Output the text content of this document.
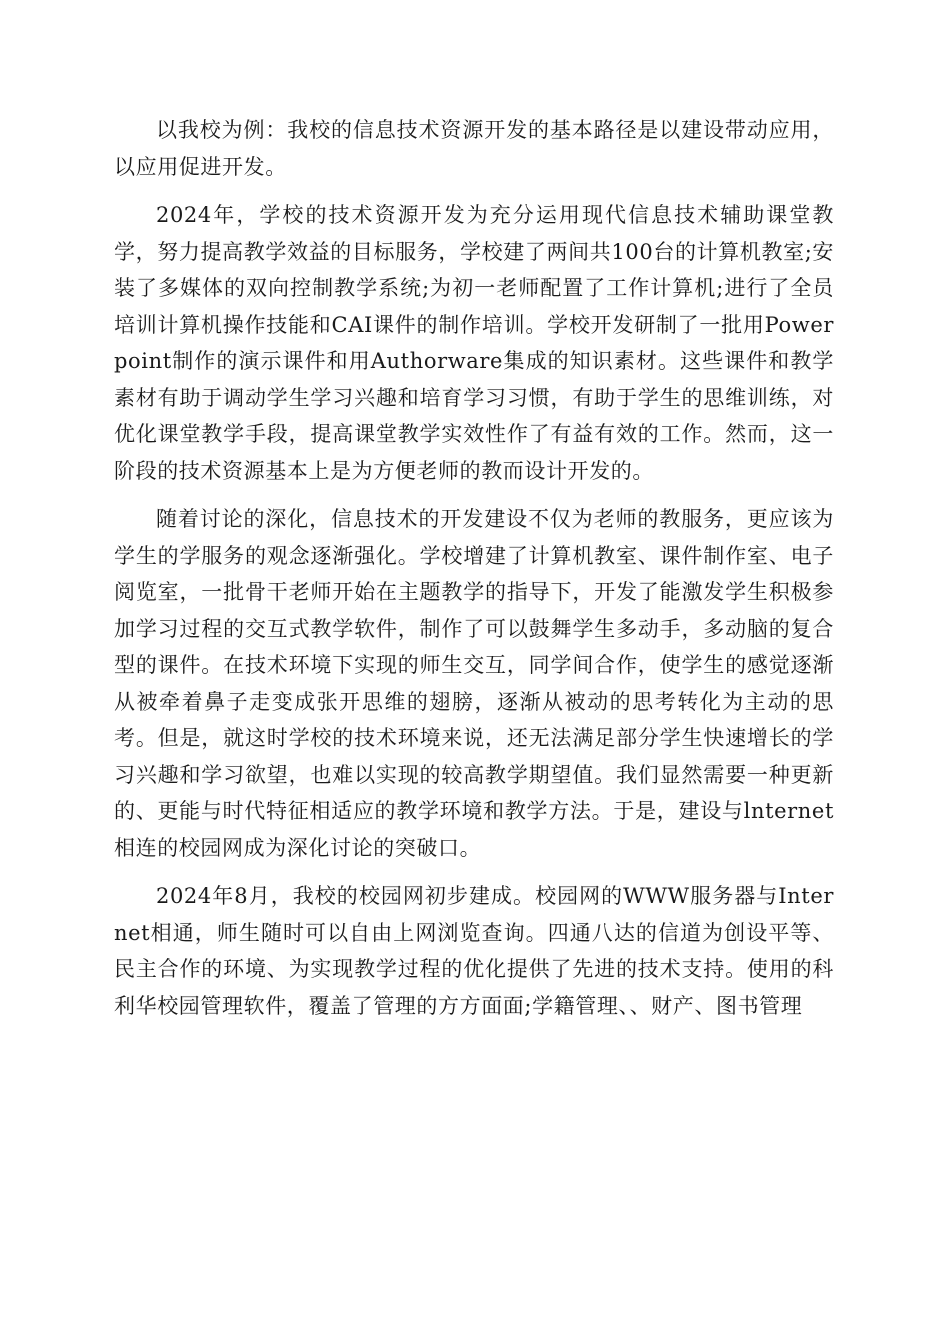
以我校为例：我校的信息技术资源开发的基本路径是以建设带动应用，以应用促进开发。

2024年，学校的技术资源开发为充分运用现代信息技术辅助课堂教学，努力提高教学效益的目标服务，学校建了两间共100台的计算机教室;安装了多媒体的双向控制教学系统;为初一老师配置了工作计算机;进行了全员培训计算机操作技能和CAI课件的制作培训。学校开发研制了一批用Powerpoint制作的演示课件和用Authorware集成的知识素材。这些课件和教学素材有助于调动学生学习兴趣和培育学习习惯，有助于学生的思维训练，对优化课堂教学手段，提高课堂教学实效性作了有益有效的工作。然而，这一阶段的技术资源基本上是为方便老师的教而设计开发的。

随着讨论的深化，信息技术的开发建设不仅为老师的教服务，更应该为学生的学服务的观念逐渐强化。学校增建了计算机教室、课件制作室、电子阅览室，一批骨干老师开始在主题教学的指导下，开发了能激发学生积极参加学习过程的交互式教学软件，制作了可以鼓舞学生多动手，多动脑的复合型的课件。在技术环境下实现的师生交互，同学间合作，使学生的感觉逐渐从被牵着鼻子走变成张开思维的翅膀，逐渐从被动的思考转化为主动的思考。但是，就这时学校的技术环境来说，还无法满足部分学生快速增长的学习兴趣和学习欲望，也难以实现的较高教学期望值。我们显然需要一种更新的、更能与时代特征相适应的教学环境和教学方法。于是，建设与lnternet相连的校园网成为深化讨论的突破口。

2024年8月，我校的校园网初步建成。校园网的WWW服务器与Internet相通，师生随时可以自由上网浏览查询。四通八达的信道为创设平等、民主合作的环境、为实现教学过程的优化提供了先进的技术支持。使用的科利华校园管理软件，覆盖了管理的方方面面;学籍管理、、财产、图书管理
